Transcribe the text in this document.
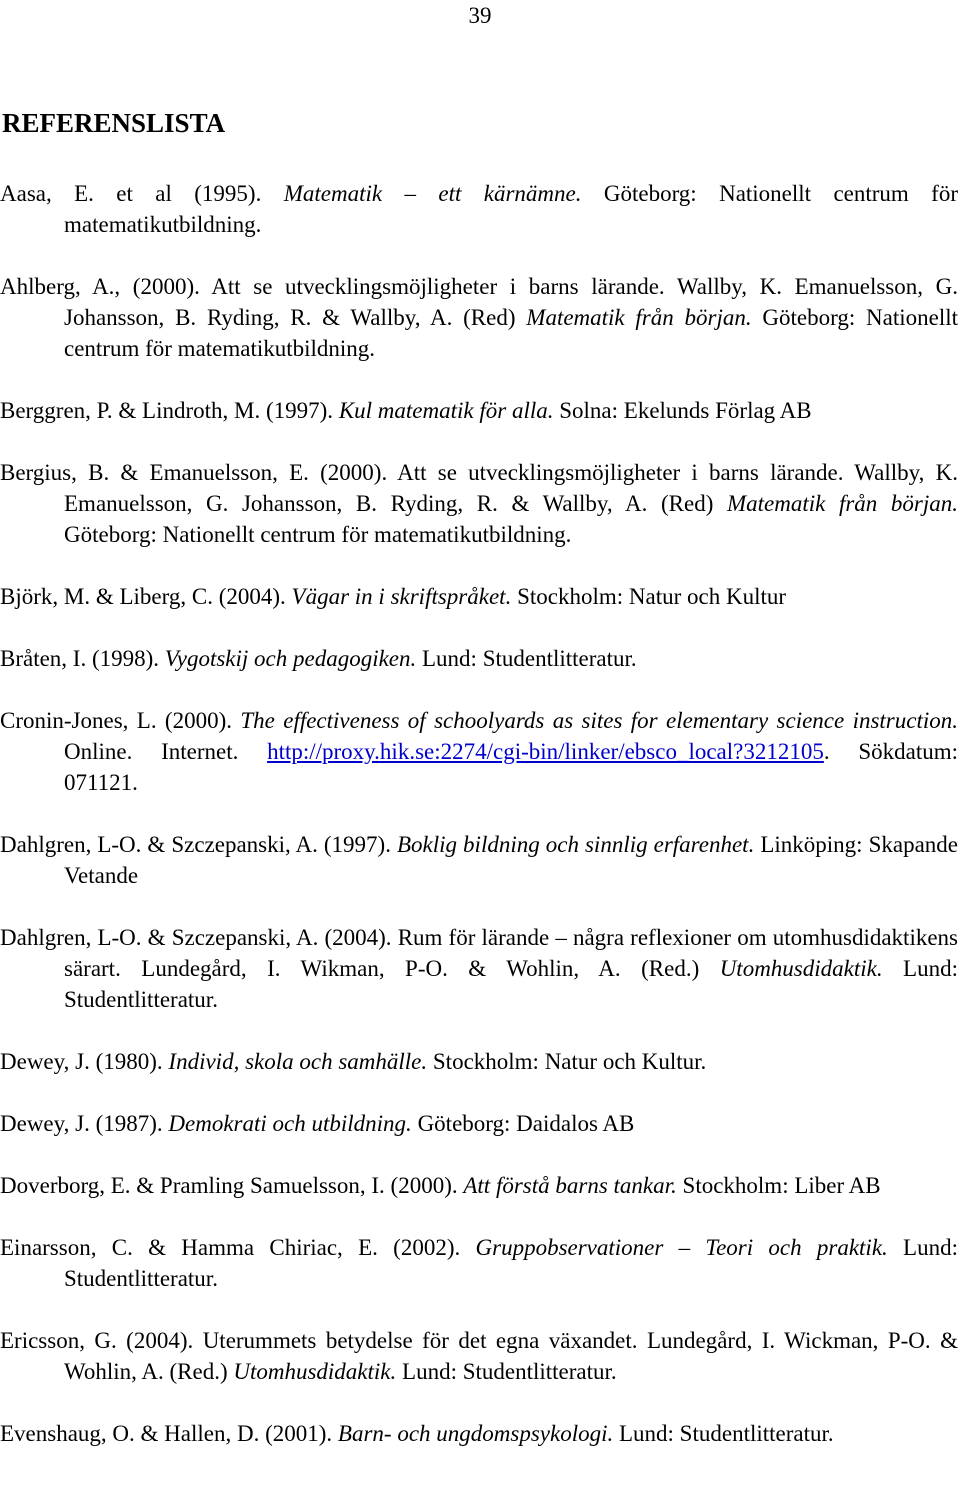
39
REFERENSLISTA

Aasa, E. et al (1995). Matematik – ett kärnämne. Göteborg: Nationellt centrum för matematikutbildning.

Ahlberg, A., (2000). Att se utvecklingsmöjligheter i barns lärande. Wallby, K. Emanuelsson, G. Johansson, B. Ryding, R. & Wallby, A. (Red) Matematik från början. Göteborg: Nationellt centrum för matematikutbildning.

Berggren, P. & Lindroth, M. (1997). Kul matematik för alla. Solna: Ekelunds Förlag AB

Bergius, B. & Emanuelsson, E. (2000). Att se utvecklingsmöjligheter i barns lärande. Wallby, K. Emanuelsson, G. Johansson, B. Ryding, R. & Wallby, A. (Red) Matematik från början. Göteborg: Nationellt centrum för matematikutbildning.

Björk, M. & Liberg, C. (2004). Vägar in i skriftspråket. Stockholm: Natur och Kultur

Bråten, I. (1998). Vygotskij och pedagogiken. Lund: Studentlitteratur.

Cronin-Jones, L. (2000). The effectiveness of schoolyards as sites for elementary science instruction. Online. Internet. http://proxy.hik.se:2274/cgi-bin/linker/ebsco_local?3212105. Sökdatum: 071121.

Dahlgren, L-O. & Szczepanski, A. (1997). Boklig bildning och sinnlig erfarenhet. Linköping: Skapande Vetande

Dahlgren, L-O. & Szczepanski, A. (2004). Rum för lärande – några reflexioner om utomhusdidaktikens särart. Lundegård, I. Wikman, P-O. & Wohlin, A. (Red.) Utomhusdidaktik. Lund: Studentlitteratur.

Dewey, J. (1980). Individ, skola och samhälle. Stockholm: Natur och Kultur.

Dewey, J. (1987). Demokrati och utbildning. Göteborg: Daidalos AB

Doverborg, E. & Pramling Samuelsson, I. (2000). Att förstå barns tankar. Stockholm: Liber AB

Einarsson, C. & Hamma Chiriac, E. (2002). Gruppobservationer – Teori och praktik. Lund: Studentlitteratur.

Ericsson, G. (2004). Uterummets betydelse för det egna växandet. Lundegård, I. Wickman, P-O. & Wohlin, A. (Red.) Utomhusdidaktik. Lund: Studentlitteratur.

Evenshaug, O. & Hallen, D. (2001). Barn- och ungdomspsykologi. Lund: Studentlitteratur.
